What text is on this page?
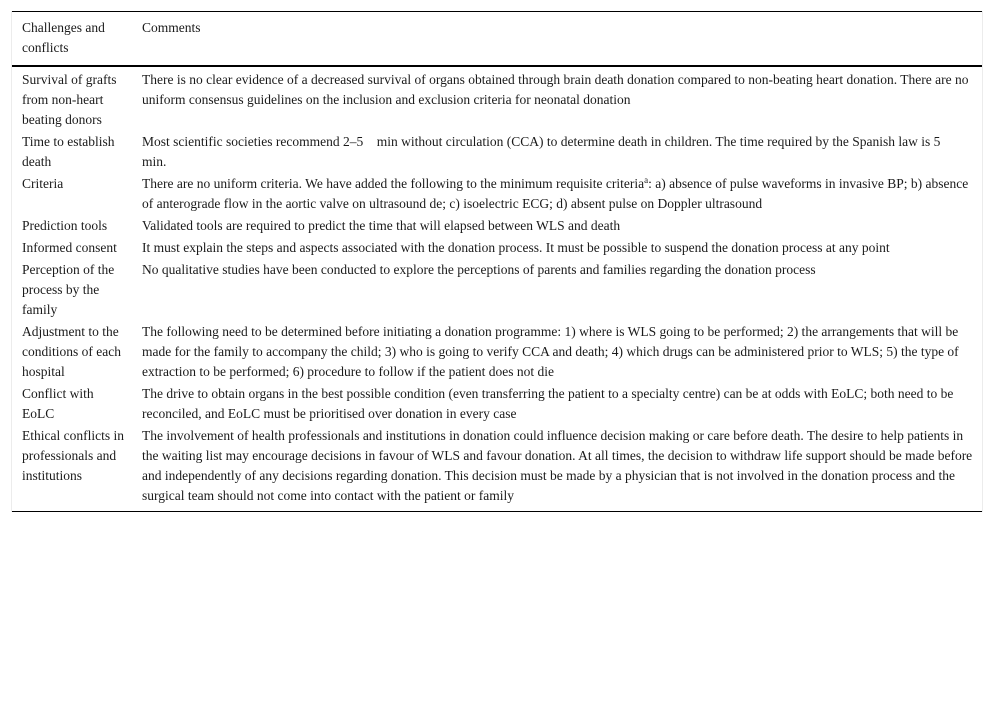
Challenges and conflicts	Comments
Survival of grafts from non-heart beating donors	There is no clear evidence of a decreased survival of organs obtained through brain death donation compared to non-beating heart donation. There are no uniform consensus guidelines on the inclusion and exclusion criteria for neonatal donation
Time to establish death	Most scientific societies recommend 2–5 min without circulation (CCA) to determine death in children. The time required by the Spanish law is 5 min.
Criteria	There are no uniform criteria. We have added the following to the minimum requisite criteria$^a$: a) absence of pulse waveforms in invasive BP; b) absence of anterograde flow in the aortic valve on ultrasound de; c) isoelectric ECG; d) absent pulse on Doppler ultrasound
Prediction tools	Validated tools are required to predict the time that will elapsed between WLS and death
Informed consent	It must explain the steps and aspects associated with the donation process. It must be possible to suspend the donation process at any point
Perception of the process by the family	No qualitative studies have been conducted to explore the perceptions of parents and families regarding the donation process
Adjustment to the conditions of each hospital	The following need to be determined before initiating a donation programme: 1) where is WLS going to be performed; 2) the arrangements that will be made for the family to accompany the child; 3) who is going to verify CCA and death; 4) which drugs can be administered prior to WLS; 5) the type of extraction to be performed; 6) procedure to follow if the patient does not die
Conflict with EoLC	The drive to obtain organs in the best possible condition (even transferring the patient to a specialty centre) can be at odds with EoLC; both need to be reconciled, and EoLC must be prioritised over donation in every case
Ethical conflicts in professionals and institutions	The involvement of health professionals and institutions in donation could influence decision making or care before death. The desire to help patients in the waiting list may encourage decisions in favour of WLS and favour donation. At all times, the decision to withdraw life support should be made before and independently of any decisions regarding donation. This decision must be made by a physician that is not involved in the donation process and the surgical team should not come into contact with the patient or family
